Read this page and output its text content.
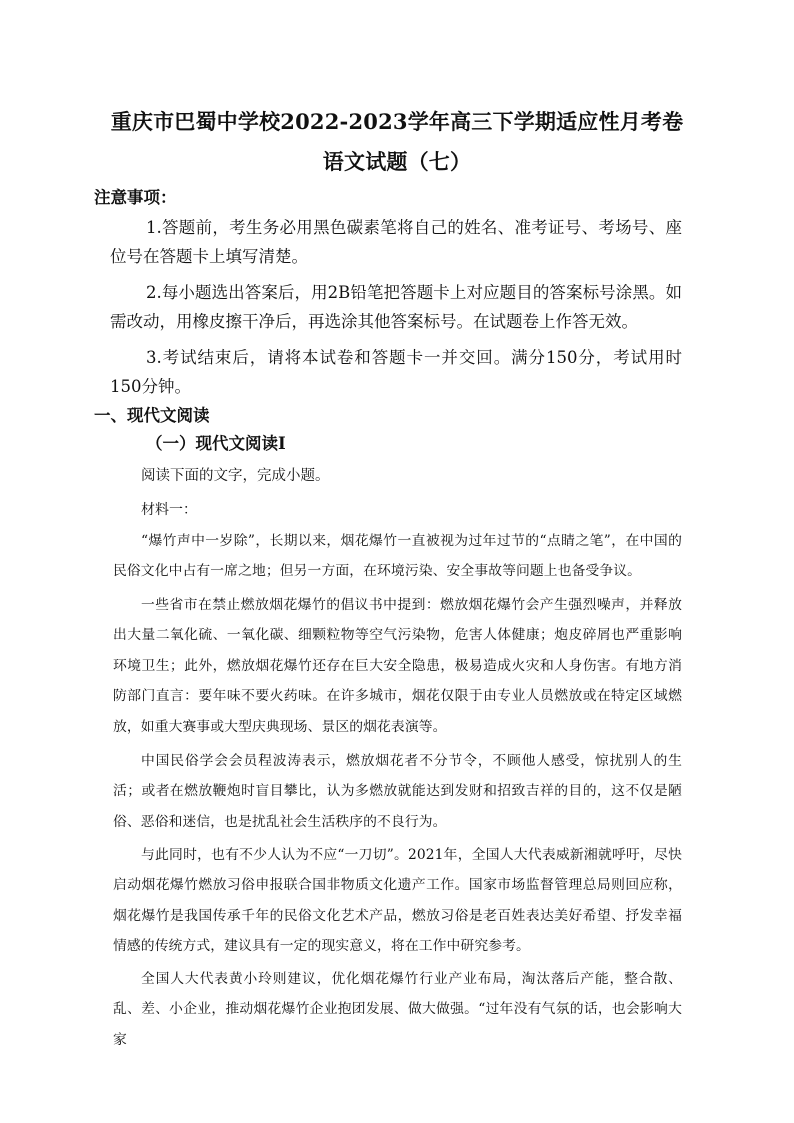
重庆市巴蜀中学校2022-2023学年高三下学期适应性月考卷
语文试题（七）
注意事项：
1.答题前，考生务必用黑色碳素笔将自己的姓名、准考证号、考场号、座位号在答题卡上填写清楚。
2.每小题选出答案后，用2B铅笔把答题卡上对应题目的答案标号涂黑。如需改动，用橡皮擦干净后，再选涂其他答案标号。在试题卷上作答无效。
3.考试结束后，请将本试卷和答题卡一并交回。满分150分，考试用时150分钟。
一、现代文阅读
（一）现代文阅读I
阅读下面的文字，完成小题。
材料一：
“爆竹声中一岁除”，长期以来，烟花爆竹一直被视为过年过节的“点睛之笔”，在中国的民俗文化中占有一席之地；但另一方面，在环境污染、安全事故等问题上也备受争议。
一些省市在禁止燃放烟花爆竹的倡议书中提到：燃放烟花爆竹会产生强烈噪声，并释放出大量二氧化硫、一氧化碳、细颗粒物等空气污染物，危害人体健康；炮皮碎屑也严重影响环境卫生；此外，燃放烟花爆竹还存在巨大安全隐患，极易造成火灾和人身伤害。有地方消防部门直言：要年味不要火药味。在许多城市，烟花仅限于由专业人员燃放或在特定区域燃放，如重大赛事或大型庆典现场、景区的烟花表演等。
中国民俗学会会员程波涛表示，燃放烟花者不分节令，不顾他人感受，惊扰别人的生活；或者在燃放鞭炮时盲目攀比，认为多燃放就能达到发财和招致吉祥的目的，这不仅是陋俗、恶俗和迷信，也是扰乱社会生活秩序的不良行为。
与此同时，也有不少人认为不应“一刀切”。2021年，全国人大代表威新湘就呼吁，尽快启动烟花爆竹燃放习俗申报联合国非物质文化遗产工作。国家市场监督管理总局则回应称，烟花爆竹是我国传承千年的民俗文化艺术产品，燃放习俗是老百姓表达美好希望、抒发幸福情感的传统方式，建议具有一定的现实意义，将在工作中研究参考。
全国人大代表黄小玲则建议，优化烟花爆竹行业产业布局，淘汰落后产能，整合散、乱、差、小企业，推动烟花爆竹企业抱团发展、做大做强。“过年没有气氛的话，也会影响大家
